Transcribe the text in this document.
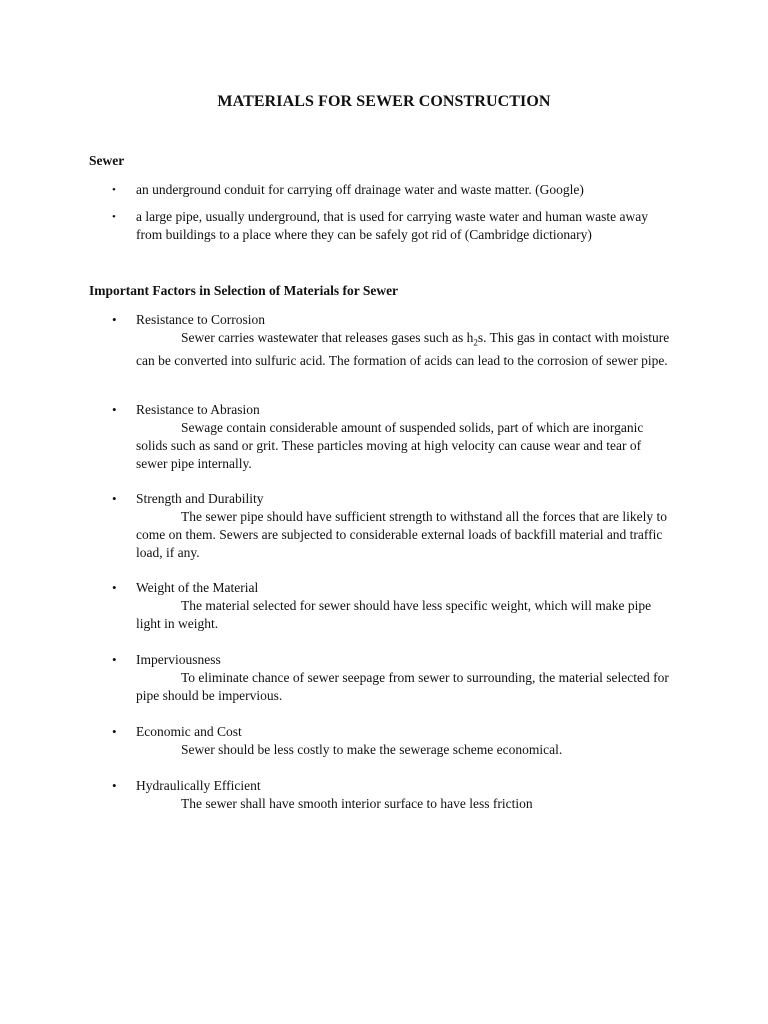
MATERIALS FOR SEWER CONSTRUCTION
Sewer
• an underground conduit for carrying off drainage water and waste matter. (Google)
• a large pipe, usually underground, that is used for carrying waste water and human waste away from buildings to a place where they can be safely got rid of (Cambridge dictionary)
Important Factors in Selection of Materials for Sewer
•	Resistance to Corrosion
Sewer carries wastewater that releases gases such as $h_2s$. This gas in contact with moisture can be converted into sulfuric acid. The formation of acids can lead to the corrosion of sewer pipe.
•	Resistance to Abrasion
Sewage contain considerable amount of suspended solids, part of which are inorganic solids such as sand or grit. These particles moving at high velocity can cause wear and tear of sewer pipe internally.
•	Strength and Durability
The sewer pipe should have sufficient strength to withstand all the forces that are likely to come on them. Sewers are subjected to considerable external loads of backfill material and traffic load, if any.
•	Weight of the Material
The material selected for sewer should have less specific weight, which will make pipe light in weight.
•	Imperviousness
To eliminate chance of sewer seepage from sewer to surrounding, the material selected for pipe should be impervious.
•	Economic and Cost
Sewer should be less costly to make the sewerage scheme economical.
•	Hydraulically Efficient
The sewer shall have smooth interior surface to have less friction
